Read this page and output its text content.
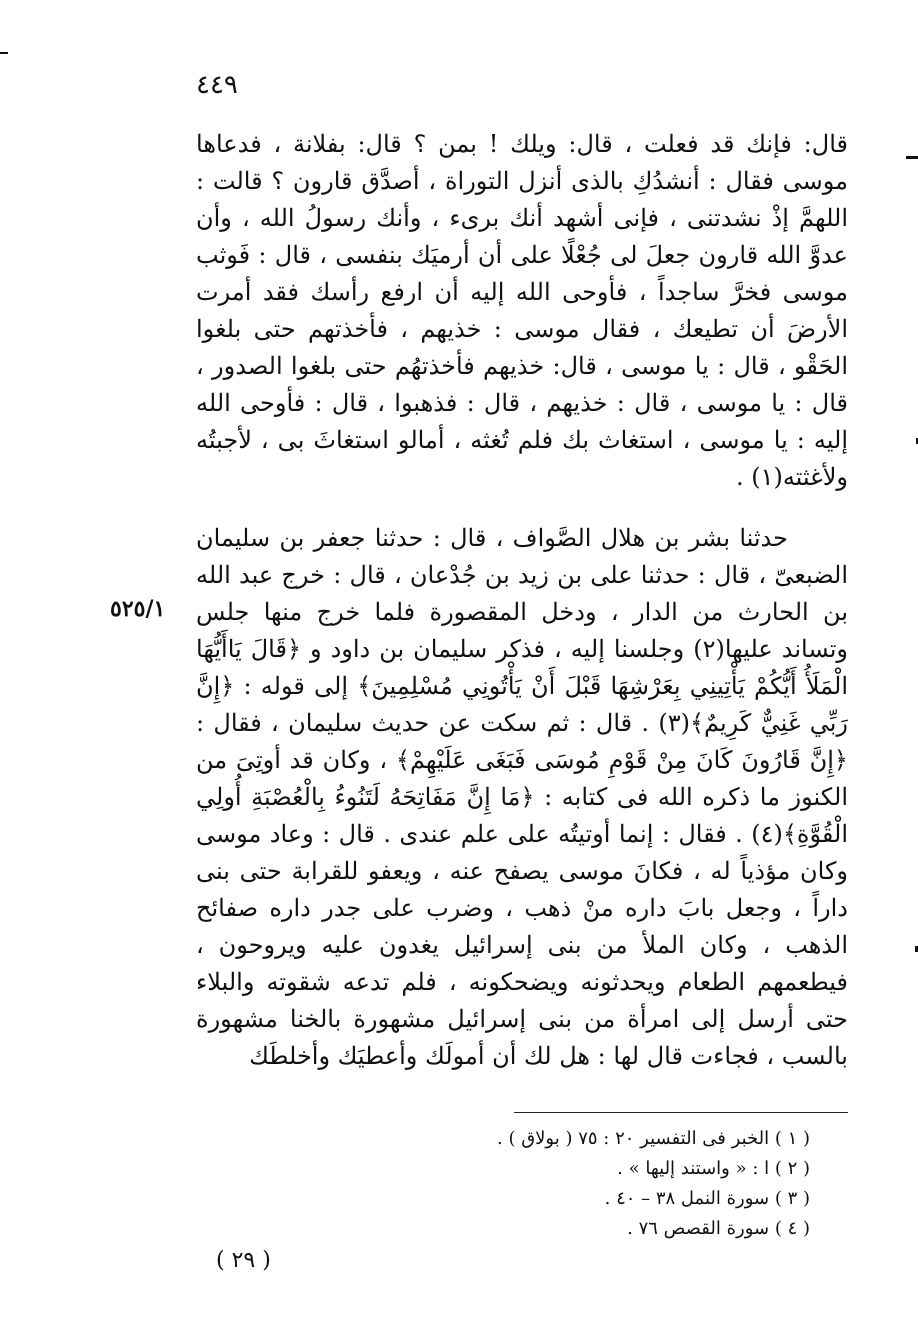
٤٤٩
٥٢٥/١
قال: فإنك قد فعلت ، قال: ويلك ! بمن ؟ قال: بفلانة ، فدعاها موسى فقال : أنشدُكِ بالذى أنزل التوراة ، أصدَّق قارون ؟ قالت : اللهمَّ إذْ نشدتنى ، فإنى أشهد أنك برىء ، وأنك رسولُ الله ، وأن عدوَّ الله قارون جعلَ لى جُعْلًا على أن أرميَك بنفسى ، قال : فَوثب موسى فخرَّ ساجداً ، فأوحى الله إليه أن ارفع رأسك فقد أمرت الأرضَ أن تطيعك ، فقال موسى : خذيهم ، فأخذتهم حتى بلغوا الحَقْو ، قال : يا موسى ، قال: خذيهم فأخذتهُم حتى بلغوا الصدور ، قال : يا موسى ، قال : خذيهم ، قال : فذهبوا ، قال : فأوحى الله إليه : يا موسى ، استغاث بك فلم تُغثه ، أمالو استغاثَ بى ، لأجبتُه ولأغثته(١) .
حدثنا بشر بن هلال الصَّواف ، قال : حدثنا جعفر بن سليمان الضبعىّ ، قال : حدثنا على بن زيد بن جُدْعان ، قال : خرج عبد الله بن الحارث من الدار ، ودخل المقصورة فلما خرج منها جلس وتساند عليها(٢) وجلسنا إليه ، فذكر سليمان بن داود و ﴿قَالَ يَاأَيُّهَا الْمَلَأُ أَيُّكُمْ يَأْتِينِي بِعَرْشِهَا قَبْلَ أَنْ يَأْتُونِي مُسْلِمِينَ﴾ إلى قوله : ﴿إِنَّ رَبِّي غَنِيٌّ كَرِيمٌ﴾(٣) . قال : ثم سكت عن حديث سليمان ، فقال : ﴿إِنَّ قَارُونَ كَانَ مِنْ قَوْمِ مُوسَى فَبَغَى عَلَيْهِمْ﴾ ، وكان قد أوتِىَ من الكنوز ما ذكره الله فى كتابه : ﴿مَا إِنَّ مَفَاتِحَهُ لَتَنُوءُ بِالْعُصْبَةِ أُولِي الْقُوَّةِ﴾(٤) . فقال : إنما أوتيتُه على علم عندى . قال : وعاد موسى وكان مؤذياً له ، فكانَ موسى يصفح عنه ، ويعفو للقرابة حتى بنى داراً ، وجعل بابَ داره منْ ذهب ، وضرب على جدر داره صفائح الذهب ، وكان الملأ من بنى إسرائيل يغدون عليه ويروحون ، فيطعمهم الطعام ويحدثونه ويضحكونه ، فلم تدعه شقوته والبلاء حتى أرسل إلى امرأة من بنى إسرائيل مشهورة بالخنا مشهورة بالسب ، فجاءت قال لها : هل لك أن أمولَك وأعطيَك وأخلطَك
( ١ ) الخبر فى التفسير ٢٠ : ٧٥ ( بولاق ) .
( ٢ ) ا : « واستند إليها » .
( ٣ ) سورة النمل ٣٨ – ٤٠ .
( ٤ ) سورة القصص ٧٦ .
( ٢٩ )
